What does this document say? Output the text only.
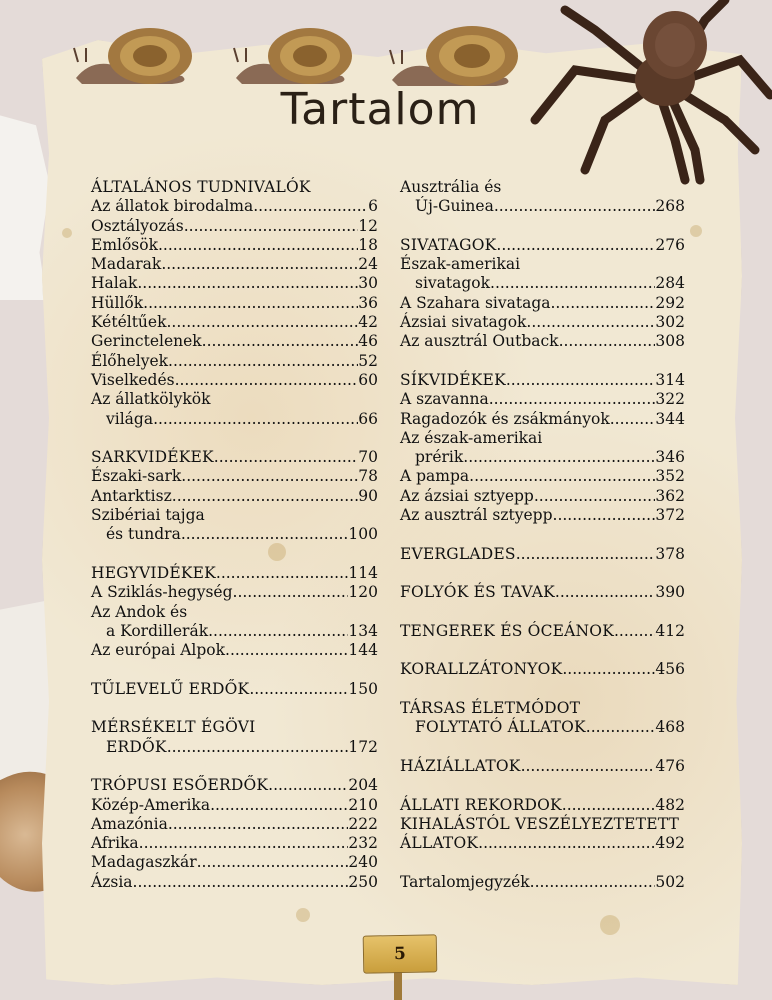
Tartalom
ÁLTALÁNOS TUDNIVALÓK
Az állatok birodalma .....	6
Osztályozás .....	12
Emlősök .....	18
Madarak .....	24
Halak .....	30
Hüllők .....	36
Kétéltűek .....	42
Gerinctelenek .....	46
Élőhelyek .....	52
Viselkedés .....	60
Az állatkölykök
világa .....	66
SARKVIDÉKEK .....	70
Északi-sark .....	78
Antarktisz .....	90
Szibériai tajga
és tundra .....	100
HEGYVIDÉKEK .....	114
A Sziklás-hegység .....	120
Az Andok és
a Kordillerák .....	134
Az európai Alpok .....	144
TŰLEVELŰ ERDŐK .....	150
MÉRSÉKELT ÉGÖVI
ERDŐK .....	172
TRÓPUSI ESŐERDŐK .....	204
Közép-Amerika .....	210
Amazónia .....	222
Afrika .....	232
Madagaszkár .....	240
Ázsia .....	250
Ausztrália és
Új-Guinea .....	268
SIVATAGOK .....	276
Észak-amerikai
sivatagok .....	284
A Szahara sivataga .....	292
Ázsiai sivatagok .....	302
Az ausztrál Outback .....	308
SÍKVIDÉKEK .....	314
A szavanna .....	322
Ragadozók és zsákmányok .....	344
Az észak-amerikai
prérik .....	346
A pampa .....	352
Az ázsiai sztyepp .....	362
Az ausztrál sztyepp .....	372
EVERGLADES .....	378
FOLYÓK ÉS TAVAK .....	390
TENGEREK ÉS ÓCEÁNOK .....	412
KORALLZÁTONYOK .....	456
TÁRSAS ÉLETMÓDOT
FOLYTATÓ ÁLLATOK .....	468
HÁZIÁLLATOK .....	476
ÁLLATI REKORDOK .....	482
KIHALÁSTÓL VESZÉLYEZTETETT
ÁLLATOK .....	492
Tartalomjegyzék .....	502
5
